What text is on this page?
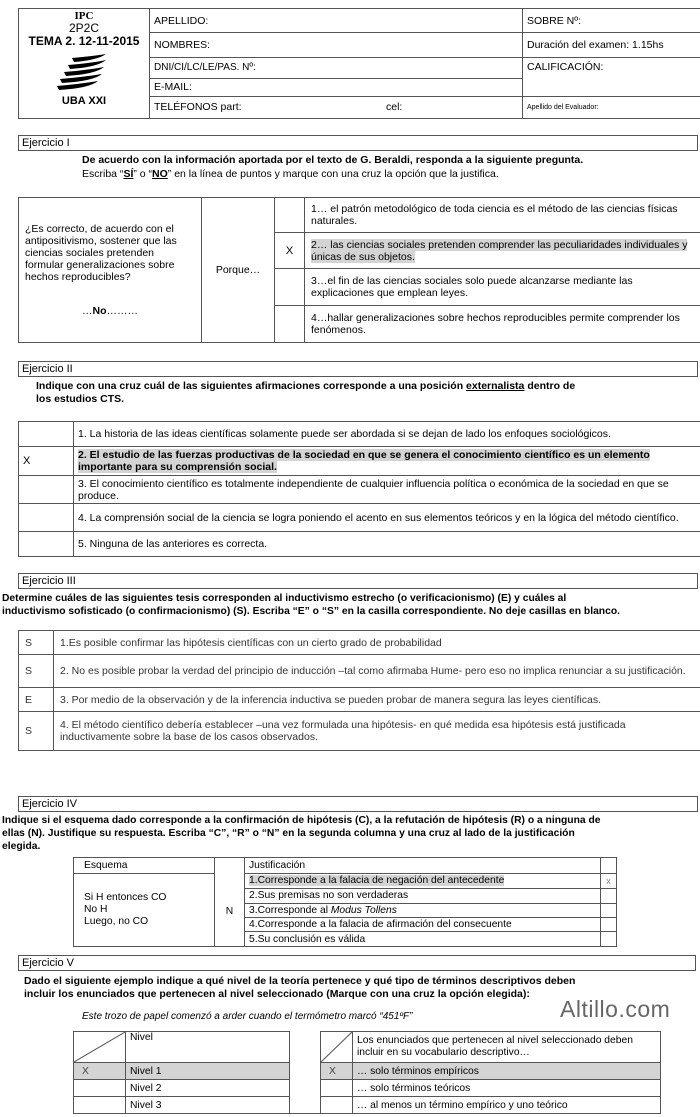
IPC
2P2C
TEMA 2. 12-11-2015
UBA XXI	APELLIDO:	SOBRE Nº:
	NOMBRES:	Duración del examen: 1.15hs
	DNI/CI/LC/LE/PAS. Nº:	CALIFICACIÓN:
	E-MAIL:	
	TELÉFONOS part: cel:	Apellido del Evaluador:
Ejercicio I
De acuerdo con la información aportada por el texto de G. Beraldi, responda a la siguiente pregunta.
Escriba “SÍ” o “NO” en la línea de puntos y marque con una cruz la opción que la justifica.
¿Es correcto, de acuerdo con el antipositivismo, sostener que las ciencias sociales pretenden formular generalizaciones sobre hechos reproducibles?
…No………	Porque…		1… el patrón metodológico de toda ciencia es el método de las ciencias físicas naturales.
		X	2… las ciencias sociales pretenden comprender las peculiaridades individuales y únicas de sus objetos.
			3…el fin de las ciencias sociales solo puede alcanzarse mediante las explicaciones que emplean leyes.
			4…hallar generalizaciones sobre hechos reproducibles permite comprender los fenómenos.
Ejercicio II
Indique con una cruz cuál de las siguientes afirmaciones corresponde a una posición externalista dentro de
los estudios CTS.
	1. La historia de las ideas científicas solamente puede ser abordada si se dejan de lado los enfoques sociológicos.
X	2. El estudio de las fuerzas productivas de la sociedad en que se genera el conocimiento científico es un elemento importante para su comprensión social.
	3. El conocimiento científico es totalmente independiente de cualquier influencia política o económica de la sociedad en que se produce.
	4. La comprensión social de la ciencia se logra poniendo el acento en sus elementos teóricos y en la lógica del método científico.
	5. Ninguna de las anteriores es correcta.
Ejercicio III
Determine cuáles de las siguientes tesis corresponden al inductivismo estrecho (o verificacionismo) (E) y cuáles al
inductivismo sofisticado (o confirmacionismo) (S). Escriba “E” o “S” en la casilla correspondiente. No deje casillas en blanco.
S	1.Es posible confirmar las hipótesis científicas con un cierto grado de probabilidad
S	2. No es posible probar la verdad del principio de inducción –tal como afirmaba Hume- pero eso no implica renunciar a su justificación.
E	3. Por medio de la observación y de la inferencia inductiva se pueden probar de manera segura las leyes científicas.
S	4. El método científico debería establecer –una vez formulada una hipótesis- en qué medida esa hipótesis está justificada inductivamente sobre la base de los casos observados.
Ejercicio IV
Indique si el esquema dado corresponde a la confirmación de hipótesis (C), a la refutación de hipótesis (R) o a ninguna de
ellas (N). Justifique su respuesta. Escriba “C”, “R” o “N” en la segunda columna y una cruz al lado de la justificación
elegida.
Esquema		Justificación	

Si H entonces CO
No H
Luego, no CO	N	1.Corresponde a la falacia de negación del antecedente	x
		2.Sus premisas no son verdaderas	
		3.Corresponde al Modus Tollens	
		4.Corresponde a la falacia de afirmación del consecuente	
		5.Su conclusión es válida	
Ejercicio V
Dado el siguiente ejemplo indique a qué nivel de la teoría pertenece y qué tipo de términos descriptivos deben
incluir los enunciados que pertenecen al nivel seleccionado (Marque con una cruz la opción elegida):
Este trozo de papel comenzó a arder cuando el termómetro marcó “451ºF”	Altillo.com
	Nivel			Los enunciados que pertenecen al nivel seleccionado deben incluir en su vocabulario descriptivo…
X	Nivel 1		X	… solo términos empíricos
	Nivel 2			… solo términos teóricos
	Nivel 3			… al menos un término empírico y uno teórico
